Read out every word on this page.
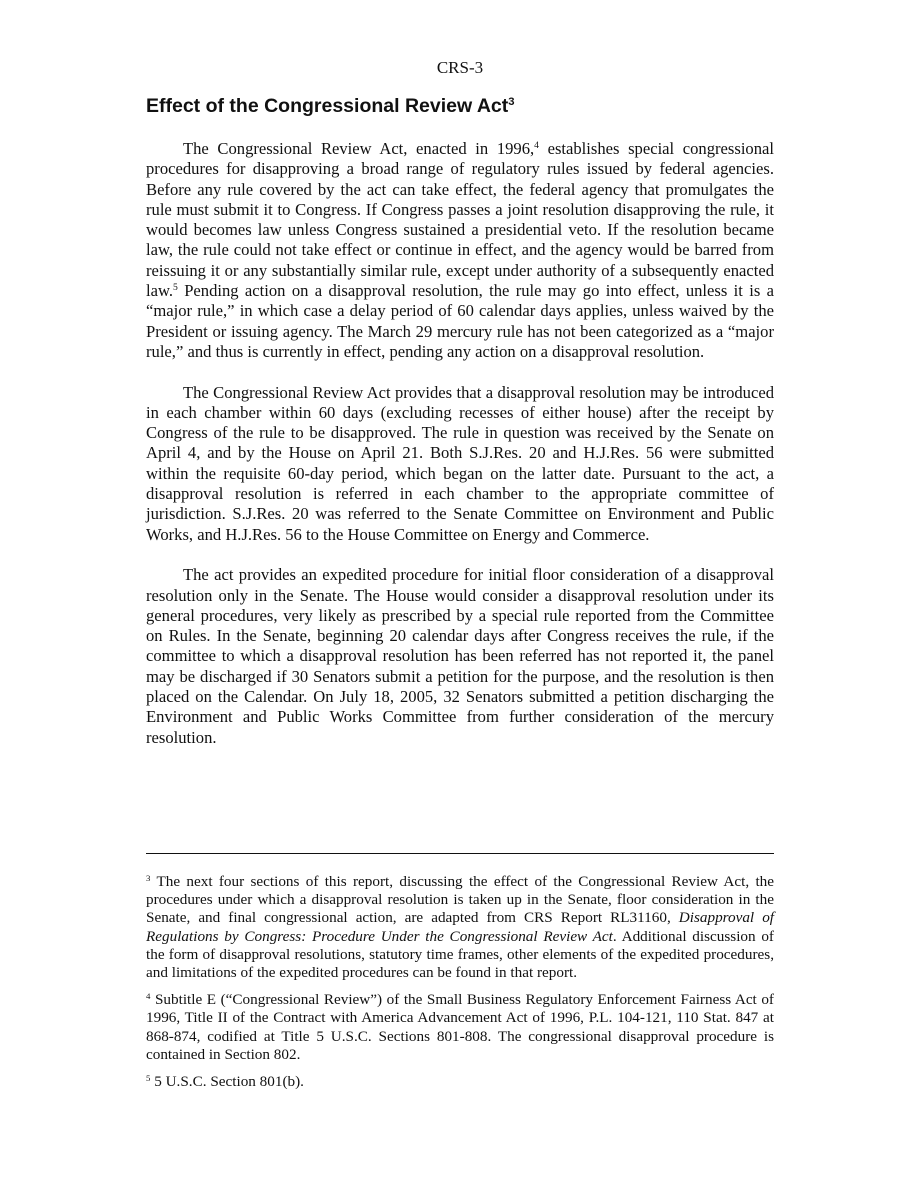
CRS-3
Effect of the Congressional Review Act$^3$

The Congressional Review Act, enacted in 1996,$^4$ establishes special congressional procedures for disapproving a broad range of regulatory rules issued by federal agencies. Before any rule covered by the act can take effect, the federal agency that promulgates the rule must submit it to Congress. If Congress passes a joint resolution disapproving the rule, it would becomes law unless Congress sustained a presidential veto. If the resolution became law, the rule could not take effect or continue in effect, and the agency would be barred from reissuing it or any substantially similar rule, except under authority of a subsequently enacted law.$^5$ Pending action on a disapproval resolution, the rule may go into effect, unless it is a “major rule,” in which case a delay period of 60 calendar days applies, unless waived by the President or issuing agency. The March 29 mercury rule has not been categorized as a “major rule,” and thus is currently in effect, pending any action on a disapproval resolution.

The Congressional Review Act provides that a disapproval resolution may be introduced in each chamber within 60 days (excluding recesses of either house) after the receipt by Congress of the rule to be disapproved. The rule in question was received by the Senate on April 4, and by the House on April 21. Both S.J.Res. 20 and H.J.Res. 56 were submitted within the requisite 60-day period, which began on the latter date. Pursuant to the act, a disapproval resolution is referred in each chamber to the appropriate committee of jurisdiction. S.J.Res. 20 was referred to the Senate Committee on Environment and Public Works, and H.J.Res. 56 to the House Committee on Energy and Commerce.

The act provides an expedited procedure for initial floor consideration of a disapproval resolution only in the Senate. The House would consider a disapproval resolution under its general procedures, very likely as prescribed by a special rule reported from the Committee on Rules. In the Senate, beginning 20 calendar days after Congress receives the rule, if the committee to which a disapproval resolution has been referred has not reported it, the panel may be discharged if 30 Senators submit a petition for the purpose, and the resolution is then placed on the Calendar. On July 18, 2005, 32 Senators submitted a petition discharging the Environment and Public Works Committee from further consideration of the mercury resolution.

$^3$ The next four sections of this report, discussing the effect of the Congressional Review Act, the procedures under which a disapproval resolution is taken up in the Senate, floor consideration in the Senate, and final congressional action, are adapted from CRS Report RL31160, Disapproval of Regulations by Congress: Procedure Under the Congressional Review Act. Additional discussion of the form of disapproval resolutions, statutory time frames, other elements of the expedited procedures, and limitations of the expedited procedures can be found in that report.

$^4$ Subtitle E (“Congressional Review”) of the Small Business Regulatory Enforcement Fairness Act of 1996, Title II of the Contract with America Advancement Act of 1996, P.L. 104-121, 110 Stat. 847 at 868-874, codified at Title 5 U.S.C. Sections 801-808. The congressional disapproval procedure is contained in Section 802.

$^5$ 5 U.S.C. Section 801(b).
